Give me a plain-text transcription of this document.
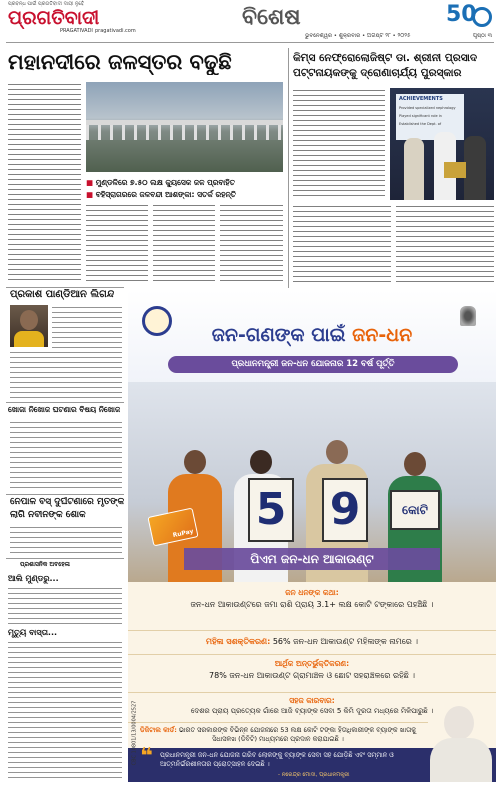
ପ୍ରବନ୍ଧ ପାଇଁ ପ୍ରଗତିବାଦୀ ଦାୟୀ ନୁହେଁ
ପ୍ରଗତିବାଦୀ
PRAGATIVADI pragativadi.com
ବିଶେଷ	50
ଭୁବନେଶ୍ୱର • ଶୁକ୍ରବାର • ଅଗଷ୍ଟ ୨୮ • ୨୦୨୫	ପୃଷ୍ଠା ୩
ମହାନଦୀରେ ଜଳସ୍ତର ବଢୁଛି
■ ମୁଣ୍ଡଳିରେ ୭.୫୦ ଲକ୍ଷ କ୍ୟୁସେକ ଜଳ ପ୍ରବାହିତ
■ ବହିସ୍ରାଗରରେ ଜଳବନ୍ଦୀ ଆଶଙ୍କା: ସତର୍କ ରହନ୍ତି
କିମ୍ସ ନେଫ୍ରୋଲୋଜିଷ୍ଟ ଡା. ଶ୍ରୀନୀ ପ୍ରସାଦ
ପଟ୍ଟନାୟକଙ୍କୁ ଦ୍ରୋଣାଚାର୍ଯ୍ୟ ପୁରସ୍କାର
ACHIEVEMENTS
Provided specialized nephrology
Played significant role in
Established the Dept. of
ପ୍ରକାଶ ପାଣ୍ଡିଆନ ଲିଗନ୍ଦ
ଖୋଜା ନିଖୋଜ ଘଟଣାର ବିଷୟ ନିଖୋଜ
ନେପାଳ ବସ୍ ଦୁର୍ଘଟଣାରେ ମୃତଙ୍କ
ଲାଗି ନବୀନଙ୍କ ଶୋକ
ପ୍ରଶାସନିକ ଅବହେଳା
ଆଲି ମୁଣ୍ଡରୁ...
ମୃତ୍ୟୁ ବାସ୍ତା...
ଜନ-ଗଣଙ୍କ ପାଇଁ ଜନ-ଧନ
ପ୍ରଧାନମନ୍ତ୍ରୀ ଜନ-ଧନ ଯୋଜନାର 12 ବର୍ଷ ପୂର୍ତ୍ତି
RuPay 5 9	କୋଟି
ପିଏମ ଜନ-ଧନ ଆକାଉଣ୍ଟ
ଜନ ଧନଙ୍କ କଥା:
ଜନ-ଧନ ଆକାଉଣ୍ଟରେ ଜମା ରାଶି ପ୍ରାୟ 3.1+ ଲକ୍ଷ କୋଟି ଟଙ୍କାରେ ପହଞ୍ଚିଛି ।
ମହିଳା ସଶକ୍ତିକରଣ: 56% ଜନ-ଧନ ଆକାଉଣ୍ଟ ମହିଳାଙ୍କ ନାମରେ ।
ଆର୍ଥିକ ଅନ୍ତର୍ଭୁକ୍ତିକରଣ:
78% ଜନ-ଧନ ଆକାଉଣ୍ଟ ଗ୍ରାମାଞ୍ଚଳ ଓ ଛୋଟ ସହରାଞ୍ଚଳରେ ରହିଛି ।
ସହଜ କାରବାର:
ଦେଶର ପ୍ରାୟ ପ୍ରତ୍ୟେକ ଗାଁରେ ଆଜି ବ୍ୟାଙ୍କ ସେବା 5 କିମି ଦୂରତା ମଧ୍ୟରେ ମିଳିପାରୁଛି ।
ଡିଜିଟାଲ କାର୍ଡ: ଭାରତ ସରକାରଙ୍କ ବିଭିନ୍ନ ଯୋଜନାରେ 53 ଲକ୍ଷ କୋଟି ଟଙ୍କା ହିତାଧିକାରୀଙ୍କ ବ୍ୟାଙ୍କ ଖାତାକୁ ସିଧାସଳଖ (ଡିବିଟି) ମାଧ୍ୟମରେ ପ୍ରଦାନ କରାଯାଇଛି ।
❝ ପ୍ରଧାନମନ୍ତ୍ରୀ ଜନ-ଧନ ଯୋଜନା ଗରିବ ଲୋକଙ୍କୁ ବ୍ୟାଙ୍କ ସେବା ସହ ଯୋଡ଼ିଛି ଏବଂ ସମ୍ମାନ ଓ ଆତ୍ମନିର୍ଭରଶୀଳତାର ପ୍ରୋତ୍ସାହନ ଦେଇଛି ।
- ନରେନ୍ଦ୍ର ମୋଦୀ, ପ୍ରଧାନମନ୍ତ୍ରୀ
CBC 10801/13/0004/2527
